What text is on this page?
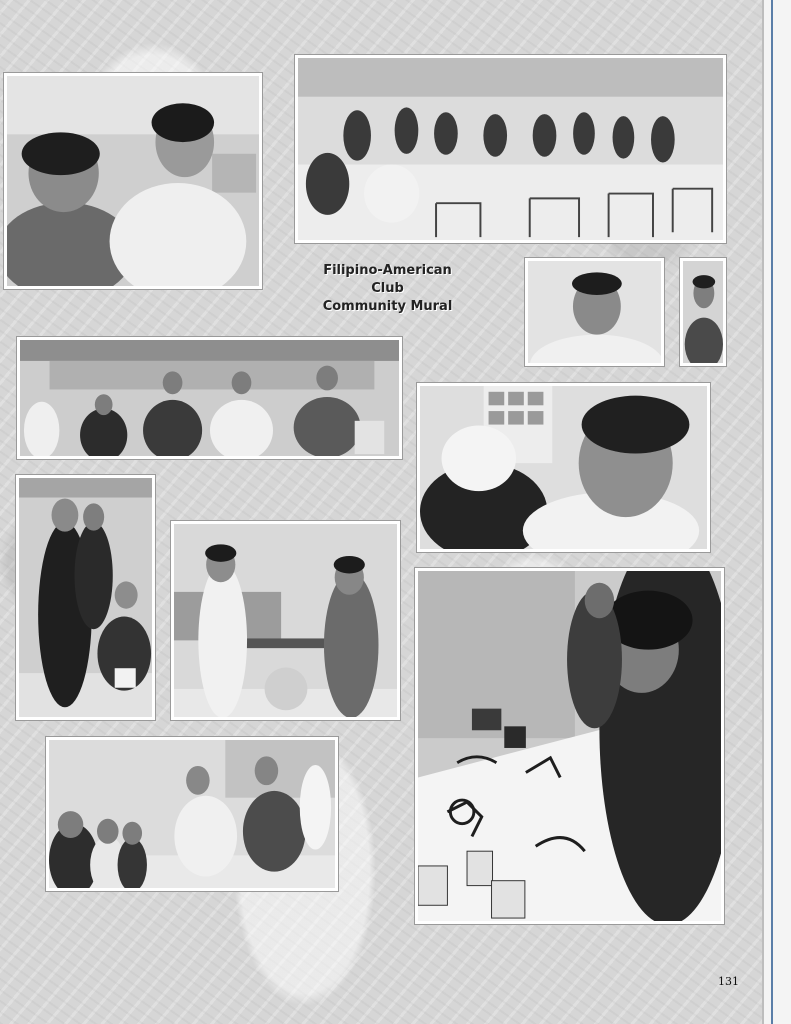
Filipino-American
Club
Community Mural
131
